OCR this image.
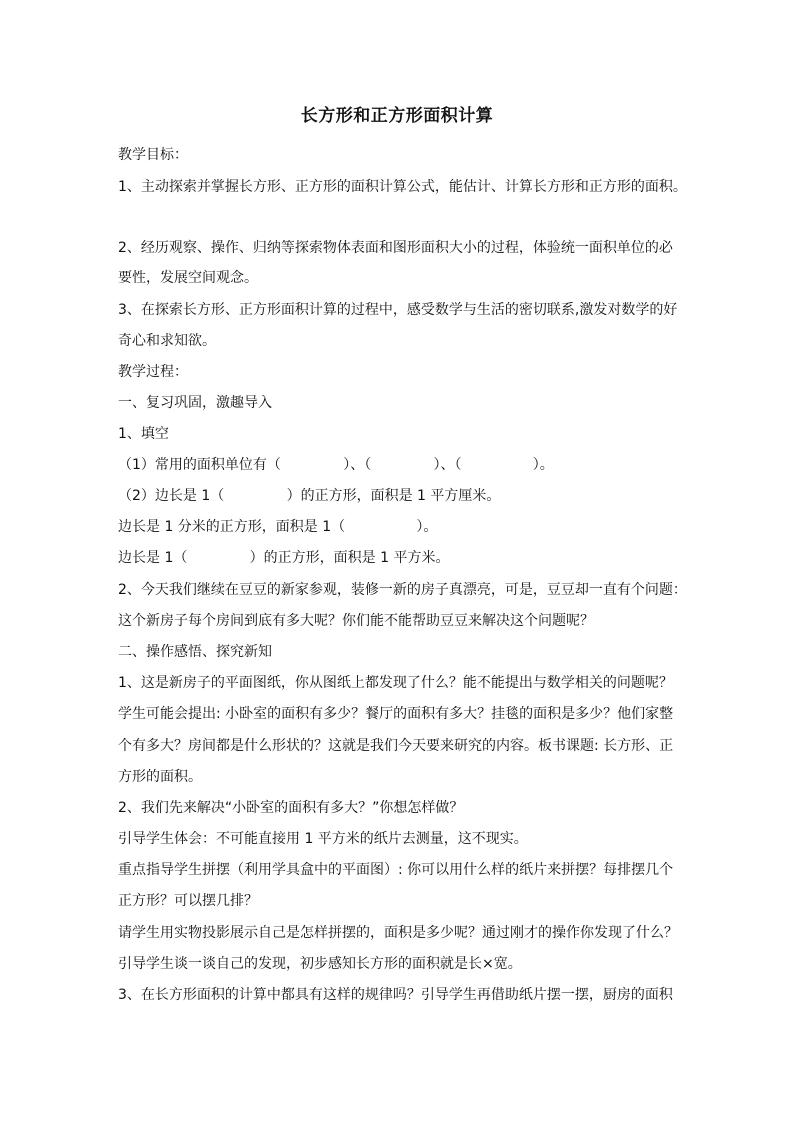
长方形和正方形面积计算
教学目标：
1、主动探索并掌握长方形、正方形的面积计算公式，能估计、计算长方形和正方形的面积。
2、经历观察、操作、归纳等探索物体表面和图形面积大小的过程，体验统一面积单位的必
要性，发展空间观念。
3、在探索长方形、正方形面积计算的过程中，感受数学与生活的密切联系,激发对数学的好
奇心和求知欲。
教学过程：
一、复习巩固，激趣导入
1、填空
（1）常用的面积单位有（              ）、（              ）、（                ）。
（2）边长是 1（              ）的正方形，面积是 1 平方厘米。
边长是 1 分米的正方形，面积是 1（                ）。
边长是 1（              ）的正方形，面积是 1 平方米。
2、今天我们继续在豆豆的新家参观，装修一新的房子真漂亮，可是，豆豆却一直有个问题：
这个新房子每个房间到底有多大呢？你们能不能帮助豆豆来解决这个问题呢？
二、操作感悟、探究新知
1、这是新房子的平面图纸，你从图纸上都发现了什么？能不能提出与数学相关的问题呢？
学生可能会提出: 小卧室的面积有多少？餐厅的面积有多大？挂毯的面积是多少？他们家整
个有多大？房间都是什么形状的？这就是我们今天要来研究的内容。板书课题: 长方形、正
方形的面积。
2、我们先来解决“小卧室的面积有多大？”你想怎样做？
引导学生体会：不可能直接用 1 平方米的纸片去测量，这不现实。
重点指导学生拼摆（利用学具盒中的平面图）: 你可以用什么样的纸片来拼摆？每排摆几个
正方形？可以摆几排？
请学生用实物投影展示自己是怎样拼摆的，面积是多少呢？通过刚才的操作你发现了什么？
引导学生谈一谈自己的发现，初步感知长方形的面积就是长×宽。
3、在长方形面积的计算中都具有这样的规律吗？引导学生再借助纸片摆一摆，厨房的面积
